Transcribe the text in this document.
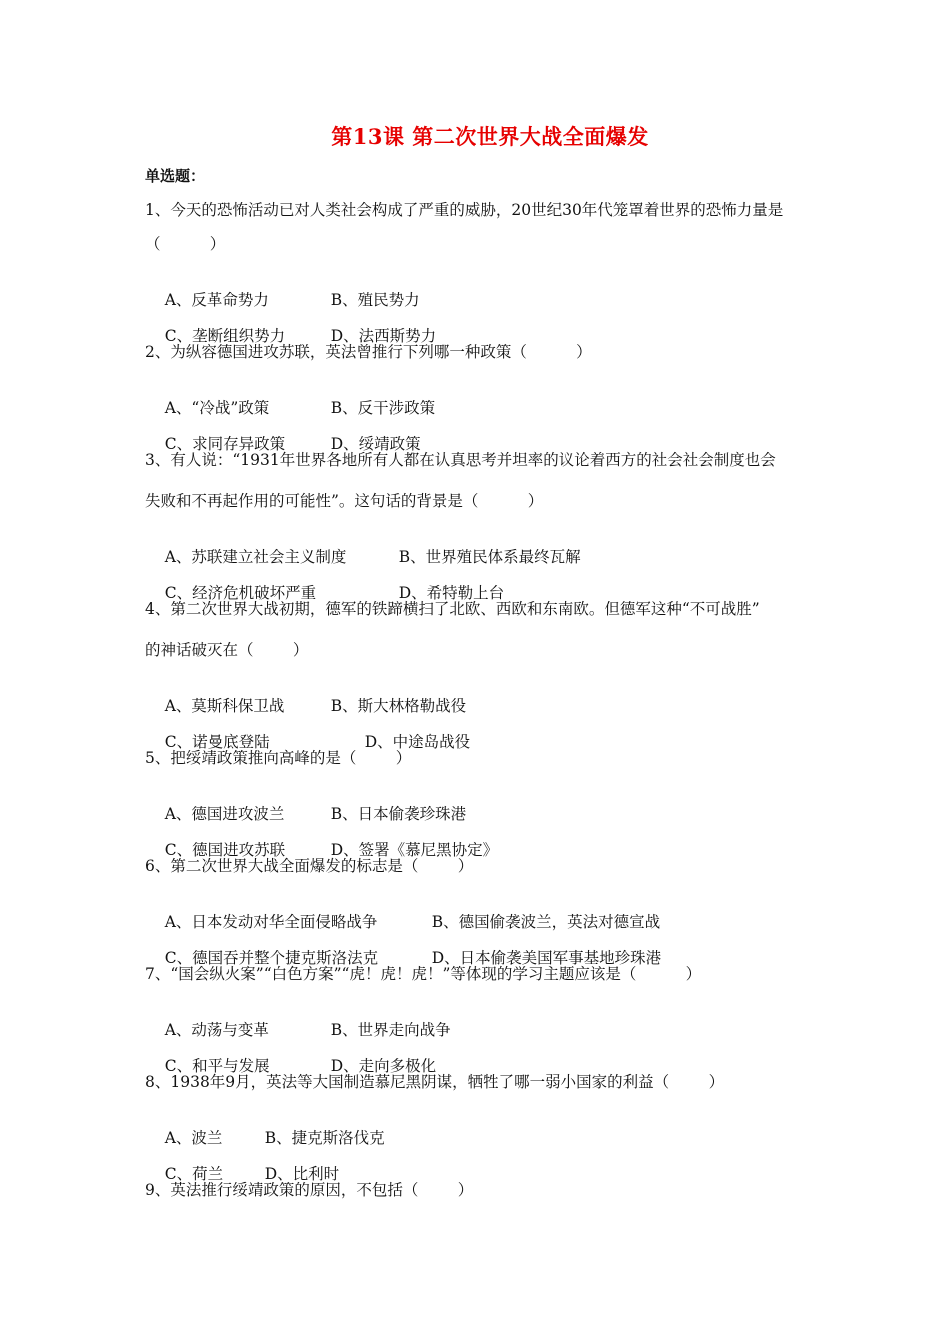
第13课 第二次世界大战全面爆发
单选题：
1、今天的恐怖活动已对人类社会构成了严重的威胁，20世纪30年代笼罩着世界的恐怖力量是
（          ）

A、反革命势力	B、殖民势力

C、垄断组织势力	D、法西斯势力

2、为纵容德国进攻苏联，英法曾推行下列哪一种政策（          ）

A、“冷战”政策	B、反干涉政策

C、求同存异政策	D、绥靖政策

3、有人说：“1931年世界各地所有人都在认真思考并坦率的议论着西方的社会社会制度也会
失败和不再起作用的可能性”。这句话的背景是（          ）

A、苏联建立社会主义制度	B、世界殖民体系最终瓦解

C、经济危机破坏严重	D、希特勒上台

4、第二次世界大战初期，德军的铁蹄横扫了北欧、西欧和东南欧。但德军这种“不可战胜”
的神话破灭在（        ）

A、莫斯科保卫战	B、斯大林格勒战役

C、诺曼底登陆	D、中途岛战役

5、把绥靖政策推向高峰的是（        ）

A、德国进攻波兰	B、日本偷袭珍珠港

C、德国进攻苏联	D、签署《慕尼黑协定》

6、第二次世界大战全面爆发的标志是（        ）

A、日本发动对华全面侵略战争	B、德国偷袭波兰，英法对德宣战

C、德国吞并整个捷克斯洛法克	D、日本偷袭美国军事基地珍珠港

7、“国会纵火案”“白色方案”“虎！虎！虎！”等体现的学习主题应该是（          ）

A、动荡与变革	B、世界走向战争

C、和平与发展	D、走向多极化

8、1938年9月，英法等大国制造慕尼黑阴谋，牺牲了哪一弱小国家的利益（        ）

A、波兰	B、捷克斯洛伐克

C、荷兰	D、比利时

9、英法推行绥靖政策的原因，不包括（        ）
